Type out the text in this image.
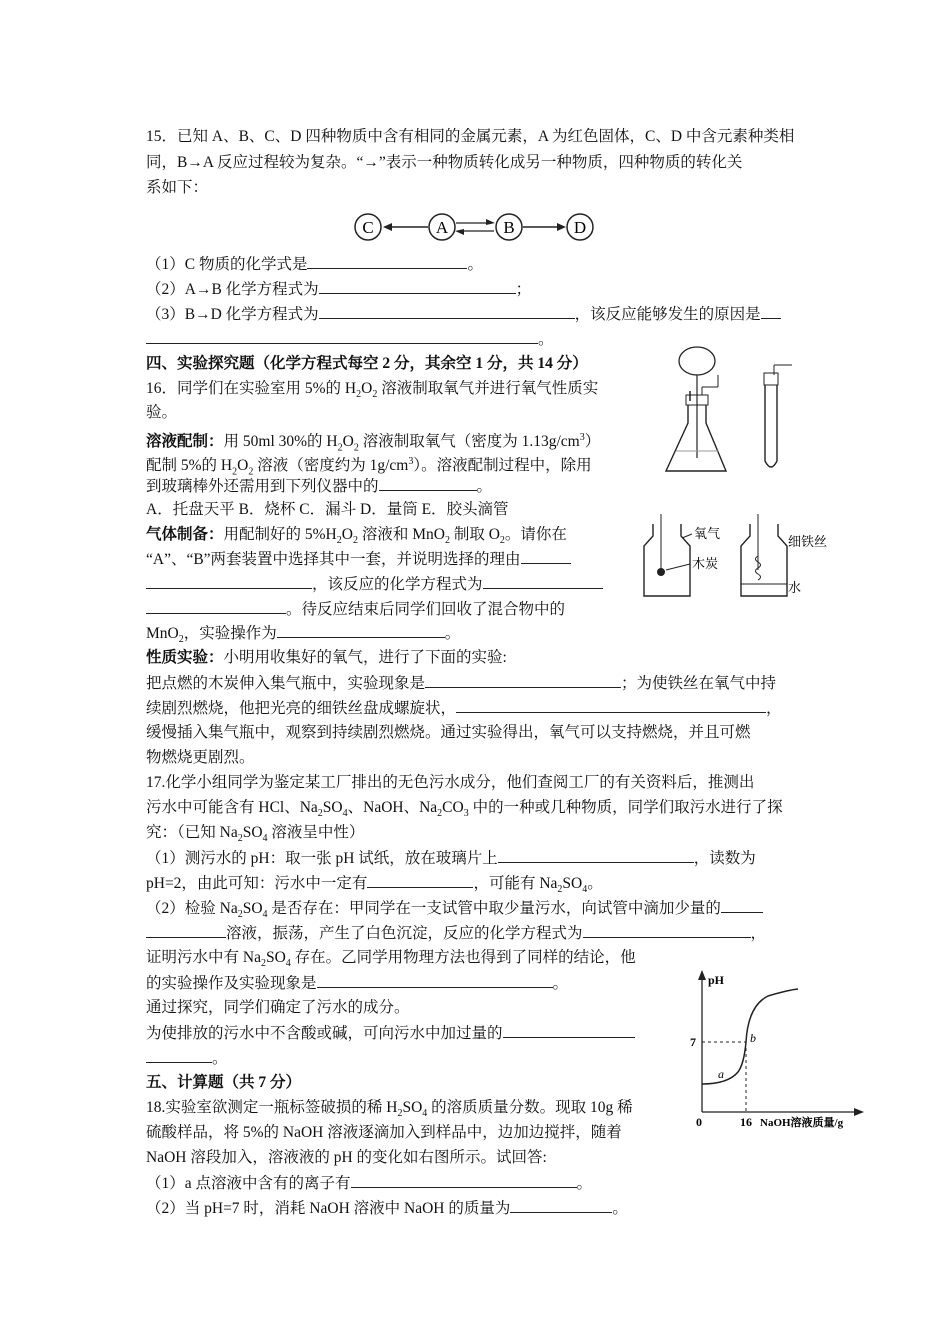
15．已知 A、B、C、D 四种物质中含有相同的金属元素，A 为红色固体，C、D 中含元素种类相
同，B→A 反应过程较为复杂。“→”表示一种物质转化成另一种物质，四种物质的转化关
系如下：
C	A	B	D
（1）C 物质的化学式是	。
（2）A→B 化学方程式为	；
（3）B→D 化学方程式为	，该反应能够发生的原因是
。
四、实验探究题（化学方程式每空 2 分，其余空 1 分，共 14 分）
16．同学们在实验室用 5%的 $H_2O_2$ 溶液制取氧气并进行氧气性质实
验。
溶液配制：用 50ml 30%的 $H_2O_2$ 溶液制取氧气（密度为 $1.13g/cm^3$）
配制 5%的 $H_2O_2$ 溶液（密度约为 $1g/cm^3$）。溶液配制过程中，除用
到玻璃棒外还需用到下列仪器中的	。
A．托盘天平 B．烧杯 C．漏斗 D．量筒 E．胶头滴管
气体制备：用配制好的 $5\%H_2O_2$ 溶液和 MnO$_2$ 制取 $O_2$。请你在
“A”、“B”两套装置中选择其中一套，并说明选择的理由
，该反应的化学方程式为
。待反应结束后同学们回收了混合物中的
MnO$_2$，实验操作为	。
性质实验：小明用收集好的氧气，进行了下面的实验:
把点燃的木炭伸入集气瓶中，实验现象是	；为使铁丝在氧气中持
续剧烈燃烧，他把光亮的细铁丝盘成螺旋状，	，
缓慢插入集气瓶中，观察到持续剧烈燃烧。通过实验得出，氧气可以支持燃烧，并且可燃
物燃烧更剧烈。
氧气
木炭
细铁丝
水
17.化学小组同学为鉴定某工厂排出的无色污水成分，他们查阅工厂的有关资料后，推测出
污水中可能含有 HCl、$Na_2SO_4$、NaOH、$Na_2CO_3$ 中的一种或几种物质，同学们取污水进行了探
究：（已知 $Na_2SO_4$ 溶液呈中性）
（1）测污水的 pH：取一张 pH 试纸，放在玻璃片上	，读数为
pH=2，由此可知：污水中一定有	，可能有 $Na_2SO_4$。
（2）检验 $Na_2SO_4$ 是否存在：甲同学在一支试管中取少量污水，向试管中滴加少量的
溶液，振荡，产生了白色沉淀，反应的化学方程式为	，
证明污水中有 $Na_2SO_4$ 存在。乙同学用物理方法也得到了同样的结论，他
的实验操作及实验现象是	。
通过探究，同学们确定了污水的成分。
为使排放的污水中不含酸或碱，可向污水中加过量的
。
五、计算题（共 7 分）
18.实验室欲测定一瓶标签破损的稀 $H_2SO_4$ 的溶质质量分数。现取 10g 稀
硫酸样品，将 5%的 NaOH 溶液逐滴加入到样品中，边加边搅拌，随着
NaOH 溶段加入，溶液液的 pH 的变化如右图所示。试回答:
（1）a 点溶液中含有的离子有	。
（2）当 pH=7 时，消耗 NaOH 溶液中 NaOH 的质量为	。
pH
7
0	16 NaOH溶液质量/g
a
b
